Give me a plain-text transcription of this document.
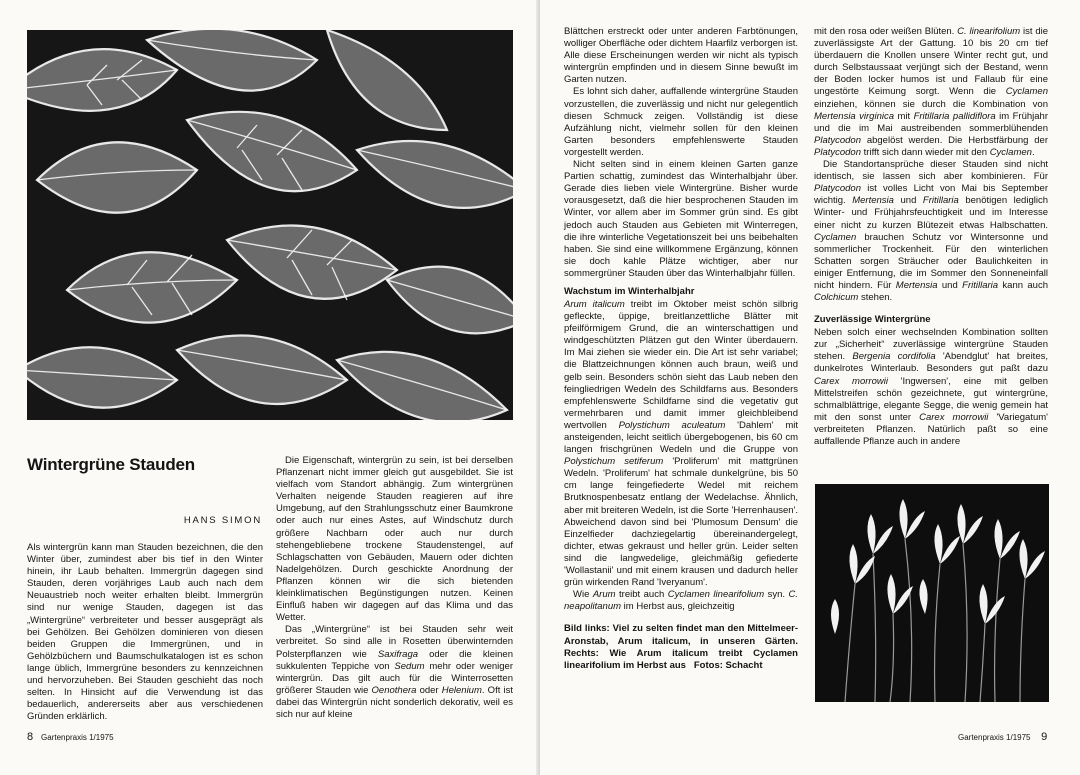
Wintergrüne Stauden
HANS SIMON

Als wintergrün kann man Stauden bezeichnen, die den Winter über, zumindest aber bis tief in den Winter hinein, ihr Laub behalten. Immergrün dagegen sind Stauden, deren vorjähriges Laub auch nach dem Neuaustrieb noch weiter erhalten bleibt. Immergrün sind nur wenige Stauden, dagegen ist das „Wintergrüne“ verbreiteter und besser ausgeprägt als bei Gehölzen. Bei Gehölzen dominieren von diesen beiden Gruppen die Immergrünen, und in Gehölzbüchern und Baumschulkatalogen ist es schon lange üblich, Immergrüne besonders zu kennzeichnen und hervorzuheben. Bei Stauden geschieht das noch selten. In Hinsicht auf die Verwendung ist das bedauerlich, andererseits aber aus verschiedenen Gründen erklärlich.

Die Eigenschaft, wintergrün zu sein, ist bei derselben Pflanzenart nicht immer gleich gut ausgebildet. Sie ist vielfach vom Standort abhängig. Zum wintergrünen Verhalten neigende Stauden reagieren auf ihre Umgebung, auf den Strahlungsschutz einer Baumkrone oder auch nur eines Astes, auf Windschutz durch größere Nachbarn oder auch nur durch stehengebliebene trockene Staudenstengel, auf Schlagschatten von Gebäuden, Mauern oder dichten Nadelgehölzen. Durch geschickte Anordnung der Pflanzen können wir die sich bietenden kleinklimatischen Begünstigungen nutzen. Keinen Einfluß haben wir dagegen auf das Klima und das Wetter.

Das „Wintergrüne“ ist bei Stauden sehr weit verbreitet. So sind alle in Rosetten überwinternden Polsterpflanzen wie Saxifraga oder die kleinen sukkulenten Teppiche von Sedum mehr oder weniger wintergrün. Das gilt auch für die Winterrosetten größerer Stauden wie Oenothera oder Helenium. Oft ist dabei das Wintergrün nicht sonderlich dekorativ, weil es sich nur auf kleine

8 Gartenpraxis 1/1975

Blättchen erstreckt oder unter anderen Farbtönungen, wolliger Oberfläche oder dichtem Haarfilz verborgen ist. Alle diese Erscheinungen werden wir nicht als typisch wintergrün empfinden und in diesem Sinne bewußt im Garten nutzen.

Es lohnt sich daher, auffallende wintergrüne Stauden vorzustellen, die zuverlässig und nicht nur gelegentlich diesen Schmuck zeigen. Vollständig ist diese Aufzählung nicht, vielmehr sollen für den kleinen Garten besonders empfehlenswerte Stauden vorgestellt werden.

Nicht selten sind in einem kleinen Garten ganze Partien schattig, zumindest das Winterhalbjahr über. Gerade dies lieben viele Wintergrüne. Bisher wurde vorausgesetzt, daß die hier besprochenen Stauden im Winter, vor allem aber im Sommer grün sind. Es gibt jedoch auch Stauden aus Gebieten mit Winterregen, die ihre winterliche Vegetationszeit bei uns beibehalten haben. Sie sind eine willkommene Ergänzung, können sie doch kahle Plätze wichtiger, aber nur sommergrüner Stauden über das Winterhalbjahr füllen.

Wachstum im Winterhalbjahr

Arum italicum treibt im Oktober meist schön silbrig gefleckte, üppige, breitlanzettliche Blätter mit pfeilförmigem Grund, die an winterschattigen und windgeschützten Plätzen gut den Winter überdauern. Im Mai ziehen sie wieder ein. Die Art ist sehr variabel; die Blattzeichnungen können auch braun, weiß und gelb sein. Besonders schön sieht das Laub neben den feingliedrigen Wedeln des Schildfarns aus. Besonders empfehlenswerte Schildfarne sind die vegetativ gut vermehrbaren und damit immer gleichbleibend wertvollen Polystichum aculeatum 'Dahlem' mit ansteigenden, leicht seitlich übergebogenen, bis 60 cm langen frischgrünen Wedeln und die Gruppe von Polystichum setiferum 'Proliferum' mit mattgrünen Wedeln. 'Proliferum' hat schmale dunkelgrüne, bis 50 cm lange feingefiederte Wedel mit reichem Brutknospenbesatz entlang der Wedelachse. Ähnlich, aber mit breiteren Wedeln, ist die Sorte 'Herrenhausen'. Abweichend davon sind bei 'Plumosum Densum' die Einzelfieder dachziegelartig übereinandergelegt, dichter, etwas gekraust und heller grün. Leider selten sind die langwedelige, gleichmäßig gefiederte 'Wollastanii' und mit einem krausen und dadurch heller grün wirkenden Rand 'Iveryanum'.

Wie Arum treibt auch Cyclamen linearifolium syn. C. neapolitanum im Herbst aus, gleichzeitig

Bild links: Viel zu selten findet man den Mittelmeer-Aronstab, Arum italicum, in unseren Gärten. Rechts: Wie Arum italicum treibt Cyclamen linearifolium im Herbst aus Fotos: Schacht

mit den rosa oder weißen Blüten. C. linearifolium ist die zuverlässigste Art der Gattung. 10 bis 20 cm tief überdauern die Knollen unsere Winter recht gut, und durch Selbstaussaat verjüngt sich der Bestand, wenn der Boden locker humos ist und Fallaub für eine ungestörte Keimung sorgt. Wenn die Cyclamen einziehen, können sie durch die Kombination von Mertensia virginica mit Fritillaria pallidiflora im Frühjahr und die im Mai austreibenden sommerblühenden Platycodon abgelöst werden. Die Herbstfärbung der Platycodon trifft sich dann wieder mit den Cyclamen.

Die Standortansprüche dieser Stauden sind nicht identisch, sie lassen sich aber kombinieren. Für Platycodon ist volles Licht von Mai bis September wichtig. Mertensia und Fritillaria benötigen lediglich Winter- und Frühjahrsfeuchtigkeit und im Interesse einer nicht zu kurzen Blütezeit etwas Halbschatten. Cyclamen brauchen Schutz vor Wintersonne und sommerlicher Trockenheit. Für den winterlichen Schatten sorgen Sträucher oder Baulichkeiten in einiger Entfernung, die im Sommer den Sonneneinfall nicht hindern. Für Mertensia und Fritillaria kann auch Colchicum stehen.

Zuverlässige Wintergrüne

Neben solch einer wechselnden Kombination sollten zur „Sicherheit“ zuverlässige wintergrüne Stauden stehen. Bergenia cordifolia 'Abendglut' hat breites, dunkelrotes Winterlaub. Besonders gut paßt dazu Carex morrowii 'Ingwersen', eine mit gelben Mittelstreifen schön gezeichnete, gut wintergrüne, schmalblättrige, elegante Segge, die wenig gemein hat mit den sonst unter Carex morrowii 'Variegatum' verbreiteten Pflanzen. Natürlich paßt so eine auffallende Pflanze auch in andere

Gartenpraxis 1/1975 9
